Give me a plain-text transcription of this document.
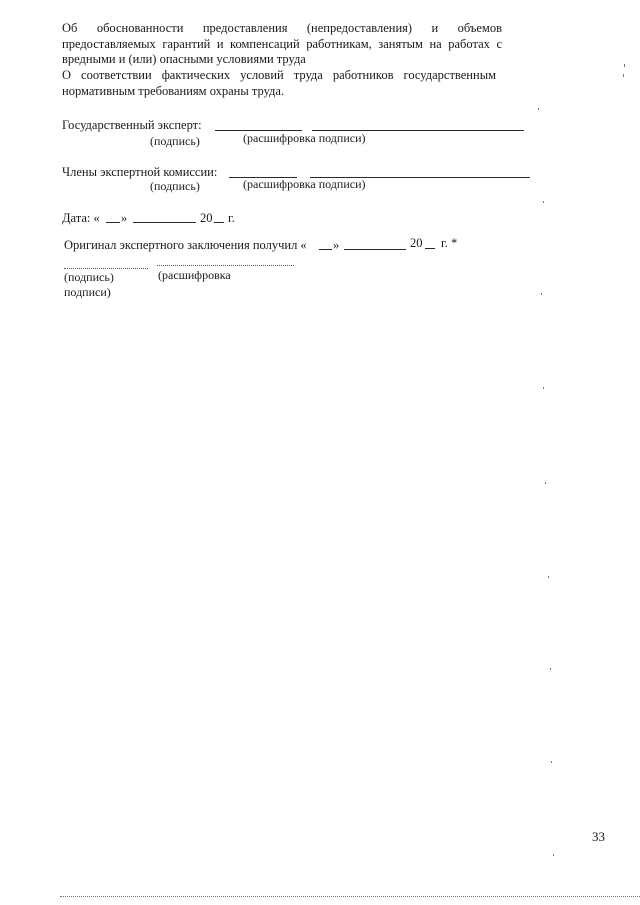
Об обоснованности предоставления (непредоставления) и объемов
предоставляемых гарантий и компенсаций работникам, занятым на работах с
вредными и (или) опасными условиями труда
О соответствии фактических условий труда работников государственным
нормативным требованиям охраны труда.
Государственный эксперт:
(подпись)	(расшифровка подписи)
Члены экспертной комиссии:
(подпись)	(расшифровка подписи)
Дата: « »	20 г.
Оригинал экспертного заключения получил « »	20 г. *
(подпись)	(расшифровка
подписи)
33
